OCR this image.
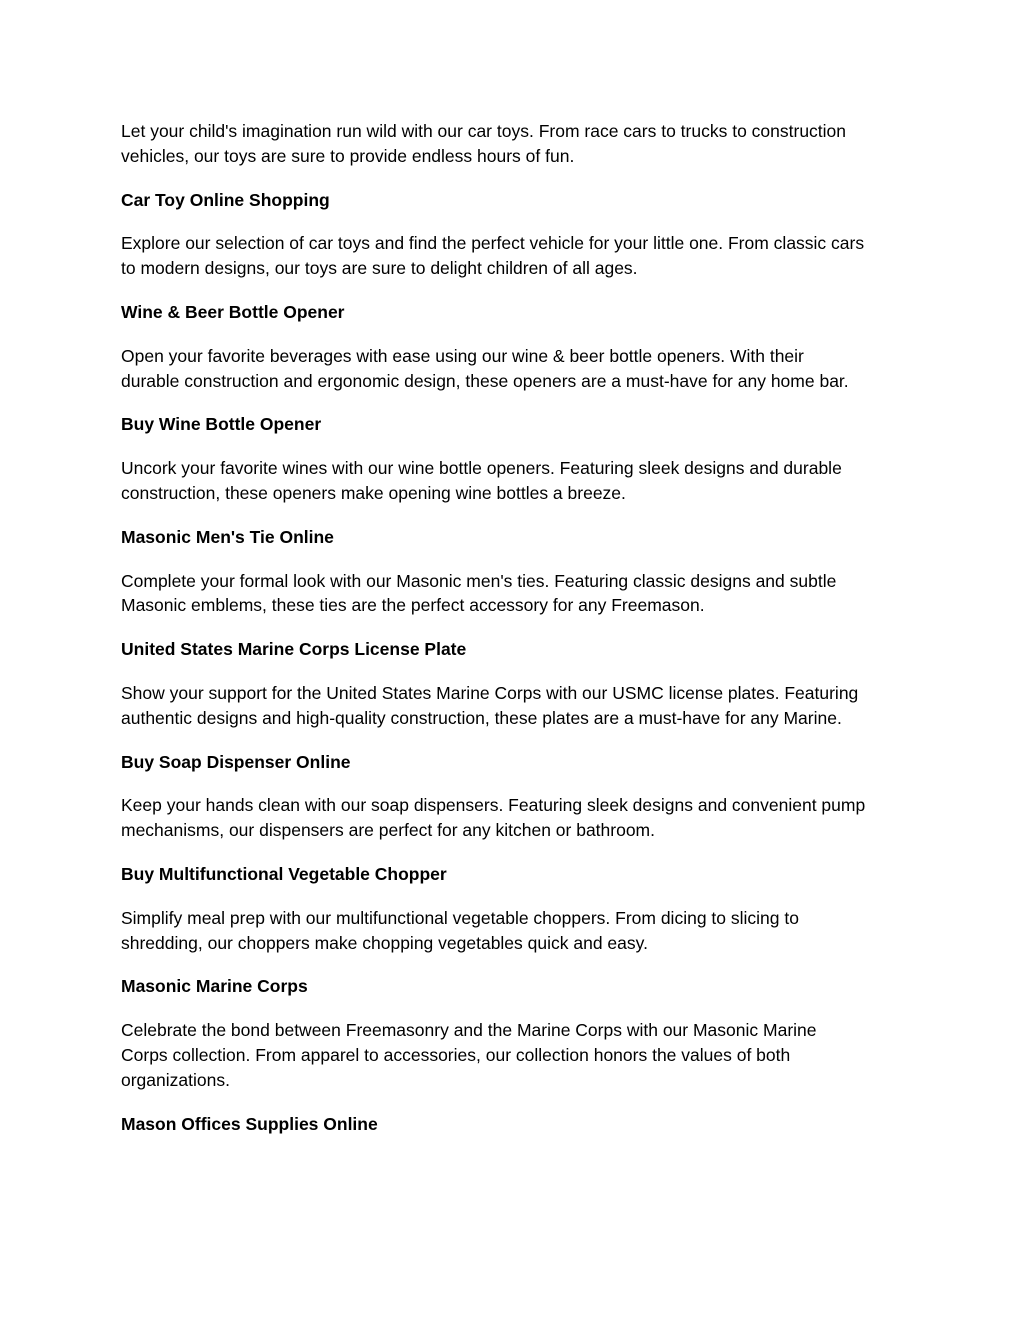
Let your child's imagination run wild with our car toys. From race cars to trucks to construction
vehicles, our toys are sure to provide endless hours of fun.

Car Toy Online Shopping

Explore our selection of car toys and find the perfect vehicle for your little one. From classic cars
to modern designs, our toys are sure to delight children of all ages.

Wine & Beer Bottle Opener

Open your favorite beverages with ease using our wine & beer bottle openers. With their
durable construction and ergonomic design, these openers are a must-have for any home bar.

Buy Wine Bottle Opener

Uncork your favorite wines with our wine bottle openers. Featuring sleek designs and durable
construction, these openers make opening wine bottles a breeze.

Masonic Men's Tie Online

Complete your formal look with our Masonic men's ties. Featuring classic designs and subtle
Masonic emblems, these ties are the perfect accessory for any Freemason.

United States Marine Corps License Plate

Show your support for the United States Marine Corps with our USMC license plates. Featuring
authentic designs and high-quality construction, these plates are a must-have for any Marine.

Buy Soap Dispenser Online

Keep your hands clean with our soap dispensers. Featuring sleek designs and convenient pump
mechanisms, our dispensers are perfect for any kitchen or bathroom.

Buy Multifunctional Vegetable Chopper

Simplify meal prep with our multifunctional vegetable choppers. From dicing to slicing to
shredding, our choppers make chopping vegetables quick and easy.

Masonic Marine Corps

Celebrate the bond between Freemasonry and the Marine Corps with our Masonic Marine
Corps collection. From apparel to accessories, our collection honors the values of both
organizations.

Mason Offices Supplies Online
